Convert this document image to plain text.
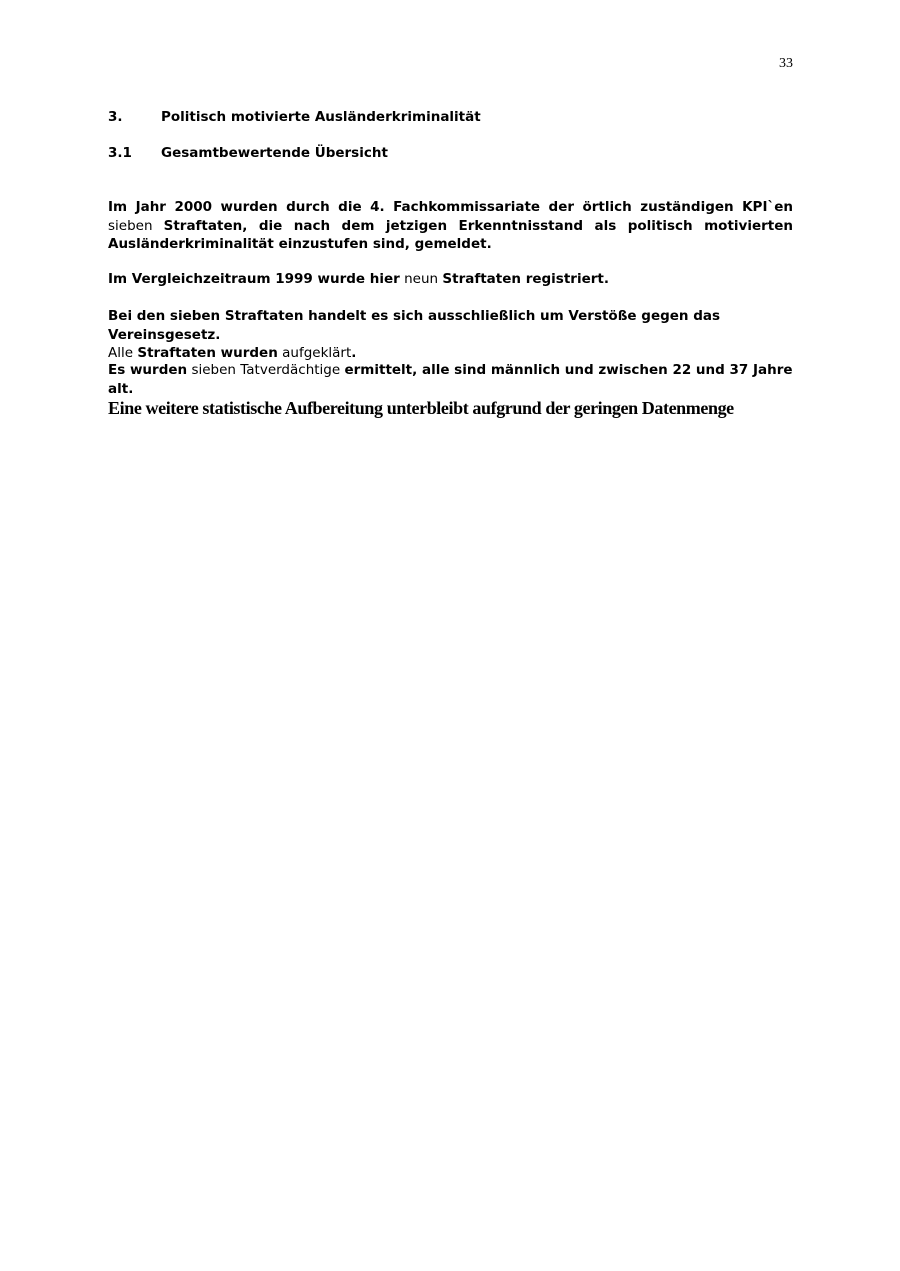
33
3.	Politisch motivierte Ausländerkriminalität
3.1 Gesamtbewertende Übersicht
Im Jahr 2000 wurden durch die 4. Fachkommissariate der örtlich zuständigen KPI`en sieben Straftaten, die nach dem jetzigen Erkenntnisstand als politisch motivierten Ausländerkriminalität einzustufen sind, gemeldet.
Im Vergleichzeitraum 1999 wurde hier neun Straftaten registriert.
Bei den sieben Straftaten handelt es sich ausschließlich um Verstöße gegen das Vereinsgesetz.
Alle Straftaten wurden aufgeklärt.
Es wurden sieben Tatverdächtige ermittelt, alle sind männlich und zwischen 22 und 37 Jahre alt.
Eine weitere statistische Aufbereitung unterbleibt aufgrund der geringen Datenmenge
